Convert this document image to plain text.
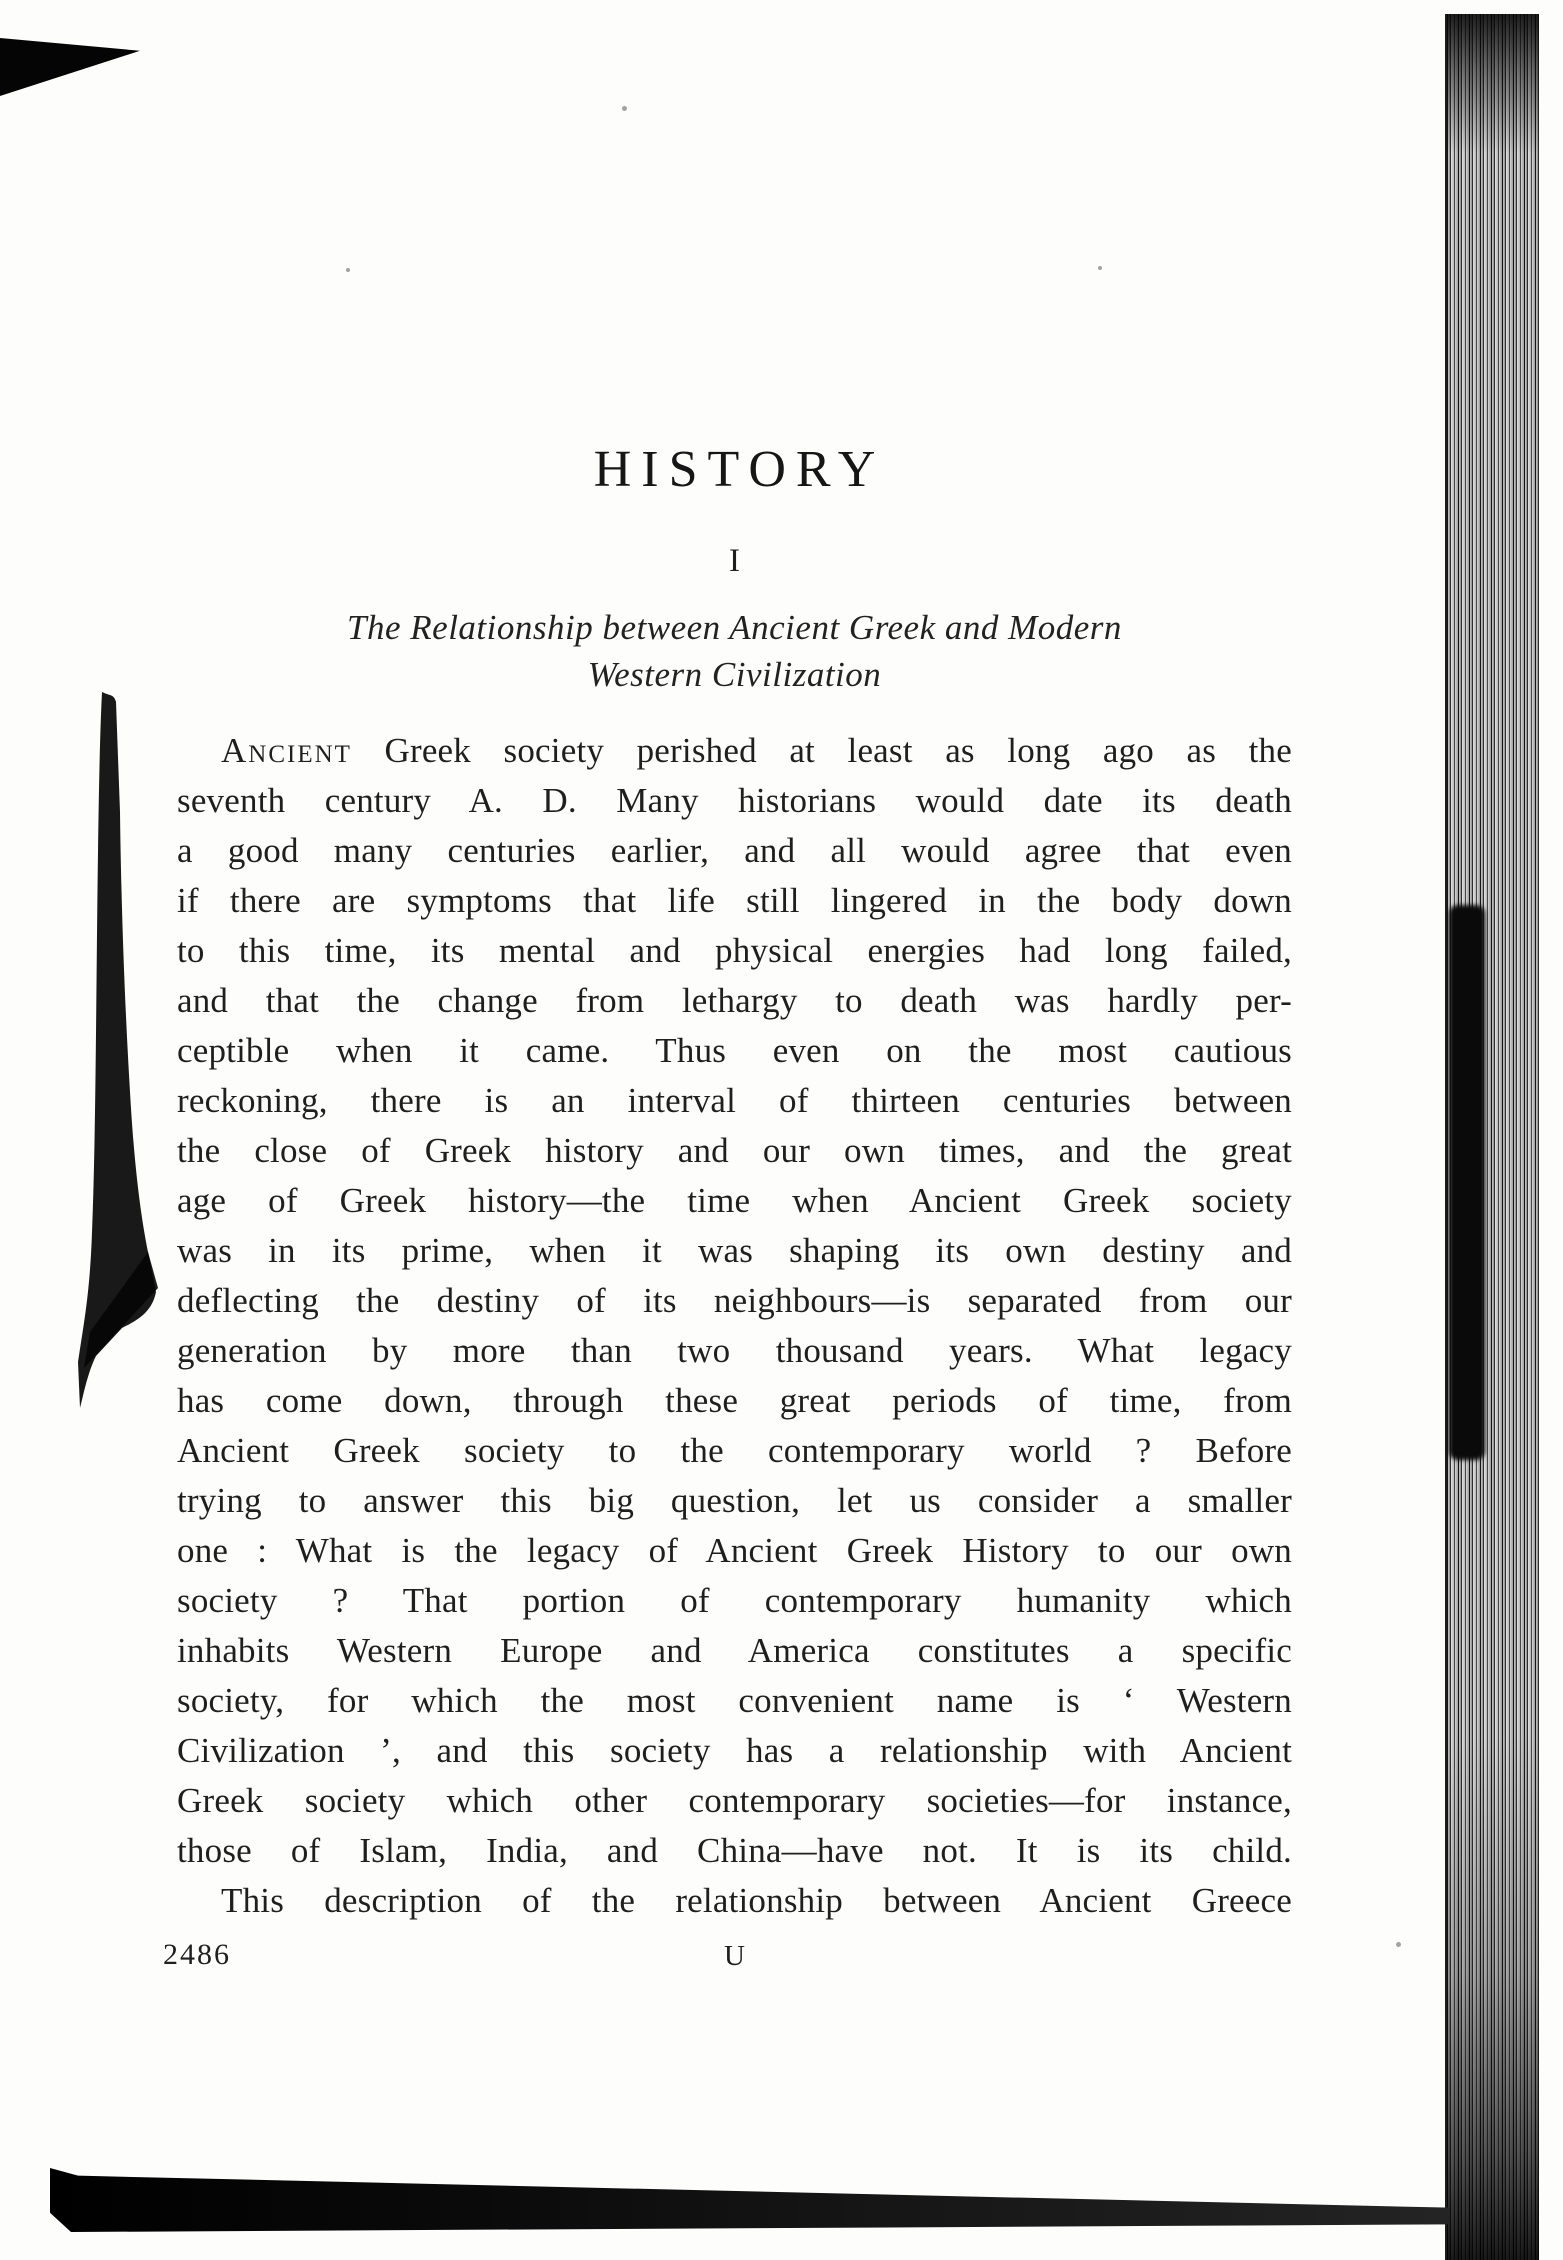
HISTORY
I
The Relationship between Ancient Greek and Modern
Western Civilization
Ancient Greek society perished at least as long ago as the
seventh century A. D. Many historians would date its death
a good many centuries earlier, and all would agree that even
if there are symptoms that life still lingered in the body down
to this time, its mental and physical energies had long failed,
and that the change from lethargy to death was hardly per-
ceptible when it came. Thus even on the most cautious
reckoning, there is an interval of thirteen centuries between
the close of Greek history and our own times, and the great
age of Greek history—the time when Ancient Greek society
was in its prime, when it was shaping its own destiny and
deflecting the destiny of its neighbours—is separated from our
generation by more than two thousand years. What legacy
has come down, through these great periods of time, from
Ancient Greek society to the contemporary world ? Before
trying to answer this big question, let us consider a smaller
one : What is the legacy of Ancient Greek History to our own
society ? That portion of contemporary humanity which
inhabits Western Europe and America constitutes a specific
society, for which the most convenient name is ‘ Western
Civilization ’, and this society has a relationship with Ancient
Greek society which other contemporary societies—for instance,
those of Islam, India, and China—have not. It is its child.
This description of the relationship between Ancient Greece
2486	U
